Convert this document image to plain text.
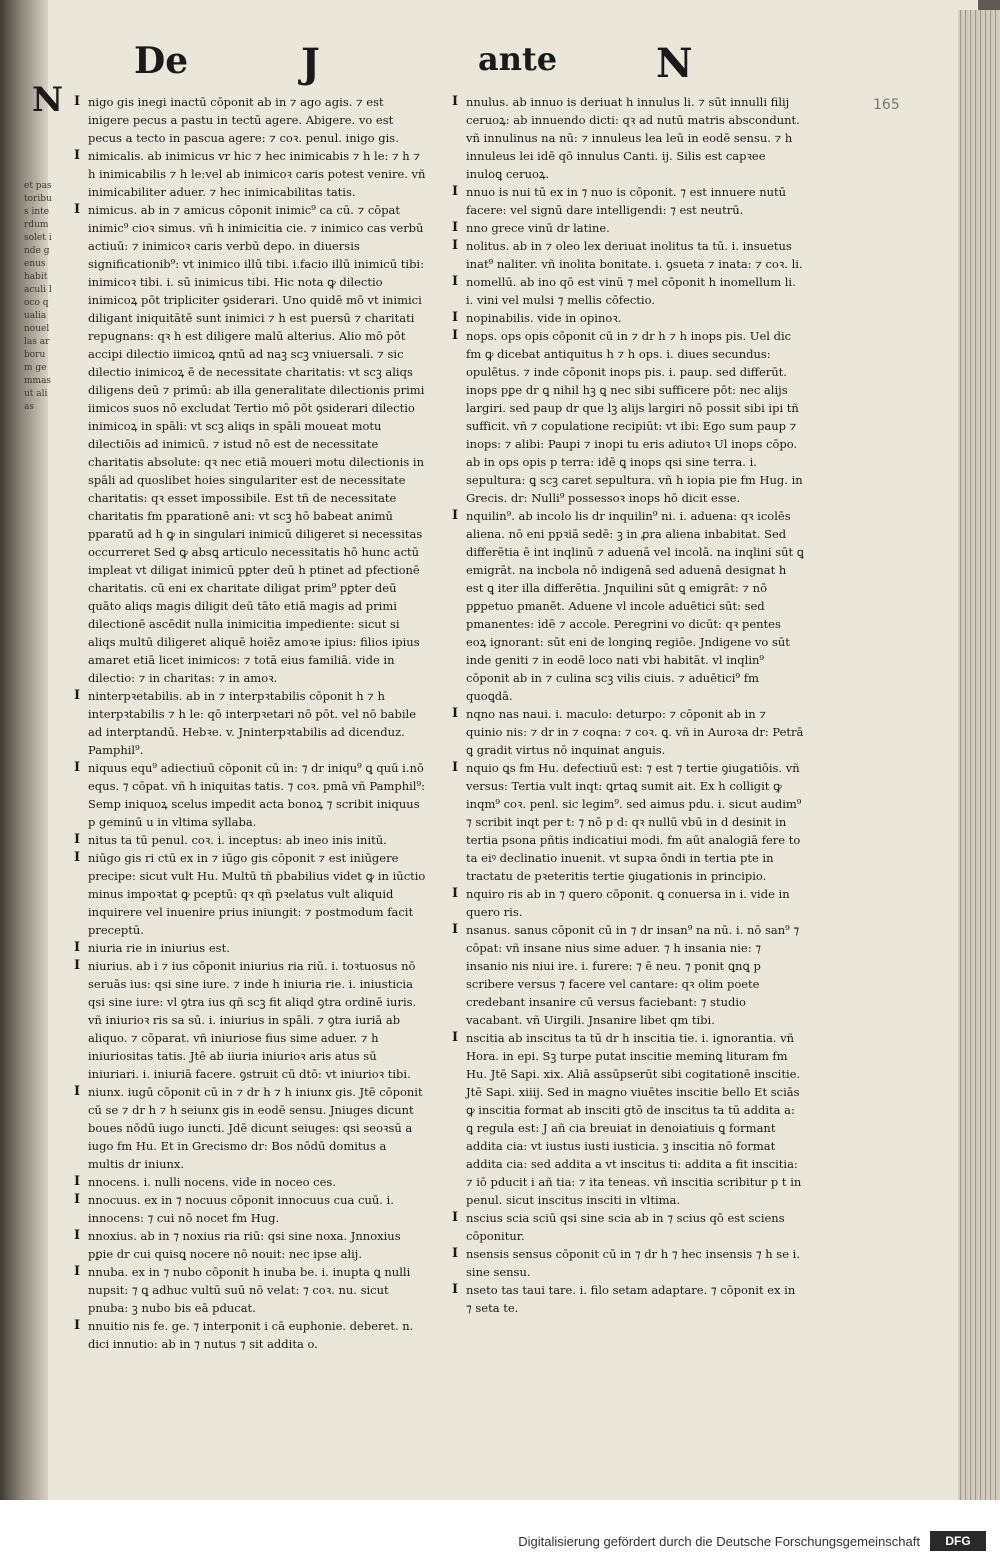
De	J	ante N
165
N
et pastoribus interdum solet inde genus habitaculi loco qualia nouellas arborum gemmas ut alias

I nigo gis inegi inactū cōponit ab in ⁊ ago agis. ⁊ est inigere pecus a pastu in tectū agere. Abigere. vo est pecus a tecto in pascua agere: ⁊ coꝛ. penul. inigo gis.

I nimicalis. ab inimicus vr hic ⁊ hec inimicabis ⁊ h le: ⁊ h ⁊ h inimicabilis ⁊ h le:vel ab inimicoꝛ caris potest venire. vñ inimicabiliter aduer. ⁊ hec inimicabilitas tatis.

I nimicus. ab in ⁊ amicus cōponit inimic⁹ ca cū. ⁊ cōpat inimic⁹ cioꝛ simus. vñ h inimicitia cie. ⁊ inimico cas verbū actiuū: ⁊ inimicoꝛ caris verbū depo. in diuersis significationib⁹: vt inimico illū tibi. i.facio illū inimicū tibi: inimicoꝛ tibi. i. sū inimicus tibi. Hic nota ꝙ dilectio inimicoꝝ pōt tripliciter ꝯsiderari. Uno quidē mō vt inimici diligant iniquitātē sunt inimici ⁊ h est puersū ⁊ charitati repugnans: qꝛ h est diligere malū alterius. Alio mō pōt accipi dilectio iimicoꝝ qntū ad naꝫ scꝫ vniuersali. ⁊ sic dilectio inimicoꝝ ē de necessitate charitatis: vt scꝫ aliqs diligens deū ⁊ primū: ab illa generalitate dilectionis primi iimicos suos nō excludat Tertio mō pōt ꝯsiderari dilectio inimicoꝝ in spāli: vt scꝫ aliqs in spāli moueat motu dilectiōis ad inimicū. ⁊ istud nō est de necessitate charitatis absolute: qꝛ nec etiā moueri motu dilectionis in spāli ad quoslibet hoies singulariter est de necessitate charitatis: qꝛ esset impossibile. Est tñ de necessitate charitatis fm pparationē ani: vt scꝫ hō babeat animū pparatū ad h ꝙ in singulari inimicū diligeret si necessitas occurreret Sed ꝙ absꝗ articulo necessitatis hō hunc actū impleat vt diligat inimicū pꝑter deū h ptinet ad pfectionē charitatis. cū eni ex charitate diligat prim⁹ pꝑter deū quāto aliqs magis diligit deū tāto etiā magis ad primi dilectionē ascēdit nulla inimicitia impediente: sicut si aliqs multū diligeret aliquē hoiēz amoꝛe ipius: filios ipius amaret etiā licet inimicos: ⁊ totā eius familiā. vide in dilectio: ⁊ in charitas: ⁊ in amoꝛ.

I ninterpꝛetabilis. ab in ⁊ interpꝛtabilis cōponit h ⁊ h interpꝛtabilis ⁊ h le: qō interpꝛetari nō pōt. vel nō babile ad interptandū. Hebꝛe. v. Jninterpꝛtabilis ad dicenduz. Pamphil⁹.

I niquus equ⁹ adiectiuū cōponit cū in: ⁊ dr iniqu⁹ ꝗ quū i.nō equs. ⁊ cōpat. vñ h iniquitas tatis. ⁊ coꝛ. pmā vñ Pamphil⁹: Semp iniquoꝝ scelus impedit acta bonoꝝ ⁊ scribit iniquus p geminū u in vltima syllaba.

I nitus ta tū penul. coꝛ. i. inceptus: ab ineo inis initū.

I niūgo gis ri ctū ex in ⁊ iūgo gis cōponit ⁊ est iniūgere precipe: sicut vult Hu. Multū tñ pbabilius videt ꝙ in iūctio minus impoꝛtat ꝙ pceptū: qꝛ qñ pꝛelatus vult aliquid inquirere vel inuenire prius iniungit: ⁊ postmodum facit preceptū.

I niuria rie in iniurius est.

I niurius. ab i ⁊ ius cōponit iniurius ria riū. i. toꝛtuosus nō seruās ius: qsi sine iure. ⁊ inde h iniuria rie. i. iniusticia qsi sine iure: vl ꝯtra ius qñ scꝫ fit aliqd ꝯtra ordinē iuris. vñ iniurioꝛ ris sa sū. i. iniurius in spāli. ⁊ ꝯtra iuriā ab aliquo. ⁊ cōparat. vñ iniuriose fius sime aduer. ⁊ h iniuriositas tatis. Jtē ab iiuria iniurioꝛ aris atus sū iniuriari. i. iniuriā facere. ꝯstruit cū dtō: vt iniurioꝛ tibi.

I niunx. iugū cōponit cū in ⁊ dr h ⁊ h iniunx gis. Jtē cōponit cū se ⁊ dr h ⁊ h seiunx gis in eodē sensu. Jniuges dicunt boues nōdū iugo iuncti. Jdē dicunt seiuges: qsi seoꝛsū a iugo fm Hu. Et in Grecismo dr: Bos nōdū domitus a multis dr iniunx.

I nnocens. i. nulli nocens. vide in noceo ces.

I nnocuus. ex in ⁊ nocuus cōponit innocuus cua cuū. i. innocens: ⁊ cui nō nocet fm Hug.

I nnoxius. ab in ⁊ noxius ria riū: qsi sine noxa. Jnnoxius pꝑie dr cui quisꝗ nocere nō nouit: nec ipse alij.

I nnuba. ex in ⁊ nubo cōponit h inuba be. i. inupta ꝗ nulli nupsit: ⁊ ꝗ adhuc vultū suū nō velat: ⁊ coꝛ. nu. sicut pnuba: ꝫ nubo bis eā pducat.

I nnuitio nis fe. ge. ⁊ interponit i cā euphonie. deberet. n. dici innutio: ab in ⁊ nutus ⁊ sit addita o.

I nnulus. ab innuo is deriuat h innulus li. ⁊ sūt innulli filij ceruoꝝ: ab innuendo dicti: qꝛ ad nutū matris abscondunt. vñ innulinus na nū: ⁊ innuleus lea leū in eodē sensu. ⁊ h innuleus lei idē qō innulus Canti. ij. Silis est capꝛee inuloꝗ ceruoꝝ.

I nnuo is nui tū ex in ⁊ nuo is cōponit. ⁊ est innuere nutū facere: vel signū dare intelligendi: ⁊ est neutrū.

I nno grece vinū dr latine.

I nolitus. ab in ⁊ oleo lex deriuat inolitus ta tū. i. insuetus inat⁹ naliter. vñ inolita bonitate. i. ꝯsueta ⁊ inata: ⁊ coꝛ. li.

I nomellū. ab ino qō est vinū ⁊ mel cōponit h inomellum li. i. vini vel mulsi ⁊ mellis cōfectio.

I nopinabilis. vide in opinoꝛ.

I nops. ops opis cōponit cū in ⁊ dr h ⁊ h inops pis. Uel dic fm ꝙ dicebat antiquitus h ⁊ h ops. i. diues secundus: opulētus. ⁊ inde cōponit inops pis. i. paup. sed differūt. inops pꝑe dr ꝗ nihil hꝫ ꝗ nec sibi sufficere pōt: nec alijs largiri. sed paup dr que lꝫ alijs largiri nō possit sibi ipi tñ sufficit. vñ ⁊ copulatione recipiūt: vt ibi: Ego sum paup ⁊ inops: ⁊ alibi: Paupi ⁊ inopi tu eris adiutoꝛ Ul inops cōpo. ab in ops opis p terra: idē ꝗ inops qsi sine terra. i. sepultura: ꝗ scꝫ caret sepultura. vñ h iopia pie fm Hug. in Grecis. dr: Nulli⁹ possessoꝛ inops hō dicit esse.

I nquilin⁹. ab incolo lis dr inquilin⁹ ni. i. aduena: qꝛ icolēs aliena. nō eni ppꝛiā sedē: ꝫ in ꝓra aliena inbabitat. Sed differētia ē int inqlinū ⁊ aduenā vel incolā. na inqlini sūt ꝗ emigrāt. na incbola nō indigenā sed aduenā designat h est ꝗ iter illa differētia. Jnquilini sūt ꝗ emigrāt: ⁊ nō pꝑpetuo pmanēt. Aduene vl incole aduētici sūt: sed pmanentes: idē ⁊ accole. Peregrini vo dicūt: qꝛ pentes eoꝝ ignorant: sūt eni de longinꝗ regiōe. Jndigene vo sūt inde geniti ⁊ in eodē loco nati vbi habitāt. vl inqlin⁹ cōponit ab in ⁊ culina scꝫ vilis ciuis. ⁊ aduētici⁹ fm quoꝗdā.

I nqno nas naui. i. maculo: deturpo: ⁊ cōponit ab in ⁊ quinio nis: ⁊ dr in ⁊ coqna: ⁊ coꝛ. ꝗ. vñ in Auroꝛa dr: Petrā ꝗ gradit virtus nō inquinat anguis.

I nquio ꝗs fm Hu. defectiuū est: ⁊ est ⁊ tertie ꝯiugatiōis. vñ versus: Tertia vult inqt: ꝗrtaꝗ sumit ait. Ex h colligit ꝙ inqm⁹ coꝛ. penl. sic legim⁹. sed aimus pdu. i. sicut audim⁹ ⁊ scribit inqt per t: ⁊ nō p d: qꝛ nullū vbū in d desinit in tertia psona pñtis indicatiui modi. fm aūt analogiā fere to ta eiꝰ declinatio inuenit. vt supꝛa ōndi in tertia pte in tractatu de pꝛeteritis tertie ꝯiugationis in principio.

I nquiro ris ab in ⁊ quero cōponit. ꝗ conuersa in i. vide in quero ris.

I nsanus. sanus cōponit cū in ⁊ dr insan⁹ na nū. i. nō san⁹ ⁊ cōpat: vñ insane nius sime aduer. ⁊ h insania nie: ⁊ insanio nis niui ire. i. furere: ⁊ ē neu. ⁊ ponit ꝗnꝗ p scribere versus ⁊ facere vel cantare: qꝛ olim poete credebant insanire cū versus faciebant: ⁊ studio vacabant. vñ Uirgili. Jnsanire libet qm tibi.

I nscitia ab inscitus ta tū dr h inscitia tie. i. ignorantia. vñ Hora. in epi. Sꝫ turpe putat inscitie meminꝗ lituram fm Hu. Jtē Sapi. xix. Aliā assūpserūt sibi cogitationē inscitie. Jtē Sapi. xiiij. Sed in magno viuētes inscitie bello Et sciās ꝙ inscitia format ab insciti gtō de inscitus ta tū addita a: ꝗ regula est: J añ cia breuiat in denoiatiuis ꝗ formant addita cia: vt iustus iusti iusticia. ꝫ inscitia nō format addita cia: sed addita a vt inscitus ti: addita a fit inscitia: ⁊ iō pducit i añ tia: ⁊ ita teneas. vñ inscitia scribitur p t in penul. sicut inscitus insciti in vltima.

I nscius scia sciū qsi sine scia ab in ⁊ scius qō est sciens cōponitur.

I nsensis sensus cōponit cū in ⁊ dr h ⁊ hec insensis ⁊ h se i. sine sensu.

I nseto tas taui tare. i. filo setam adaptare. ⁊ cōponit ex in ⁊ seta te.

Digitalisierung gefördert durch die Deutsche Forschungsgemeinschaft	DFG
